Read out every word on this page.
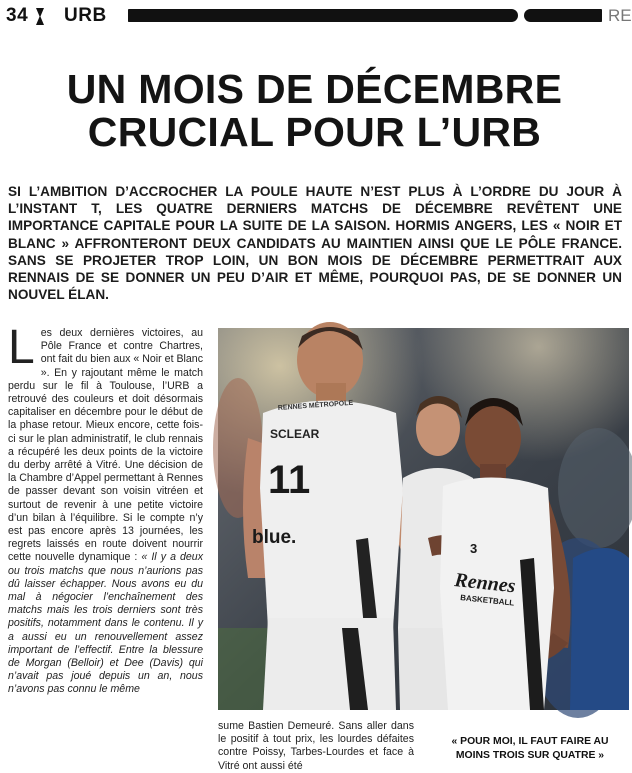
34 URB	RE
UN MOIS DE DÉCEMBRE
CRUCIAL POUR L’URB

SI L’AMBITION D’ACCROCHER LA POULE HAUTE N’EST PLUS À L’ORDRE DU JOUR À L’INSTANT T, LES QUATRE DERNIERS MATCHS DE DÉCEMBRE REVÊTENT UNE IMPORTANCE CAPITALE POUR LA SUITE DE LA SAISON. HORMIS ANGERS, LES « NOIR ET BLANC » AFFRONTERONT DEUX CANDIDATS AU MAINTIEN AINSI QUE LE PÔLE FRANCE. SANS SE PROJETER TROP LOIN, UN BON MOIS DE DÉCEMBRE PERMETTRAIT AUX RENNAIS DE SE DONNER UN PEU D’AIR ET MÊME, POURQUOI PAS, DE SE DONNER UN NOUVEL ÉLAN.

L es deux dernières victoires, au Pôle France et contre Chartres, ont fait du bien aux « Noir et Blanc ». En y rajoutant même le match perdu sur le fil à Toulouse, l’URB a retrouvé des couleurs et doit désormais capitaliser en décembre pour le début de la phase retour. Mieux encore, cette fois-ci sur le plan administratif, le club rennais a récupéré les deux points de la victoire du derby arrêté à Vitré. Une décision de la Chambre d’Appel permettant à Rennes de passer devant son voisin vitréen et surtout de revenir à une petite victoire d’un bilan à l’équilibre. Si le compte n’y est pas encore après 13 journées, les regrets laissés en route doivent nourrir cette nouvelle dynamique : « Il y a deux ou trois matchs que nous n’aurions pas dû laisser échapper. Nous avons eu du mal à négocier l’enchaînement des matchs mais les trois derniers sont très positifs, notamment dans le contenu. Il y a aussi eu un renouvellement assez important de l’effectif. Entre la blessure de Morgan (Belloir) et Dee (Davis) qui n’avait pas joué depuis un an, nous n’avons pas connu le même

RENNES MÉTROPOLE
SCLEAR
11
blue.
3
Rennes
BASKETBALL

sume Bastien Demeuré. Sans aller dans le positif à tout prix, les lourdes défaites contre Poissy, Tarbes-Lourdes et face à Vitré ont aussi été

« POUR MOI, IL FAUT FAIRE AU MOINS TROIS SUR QUATRE »
